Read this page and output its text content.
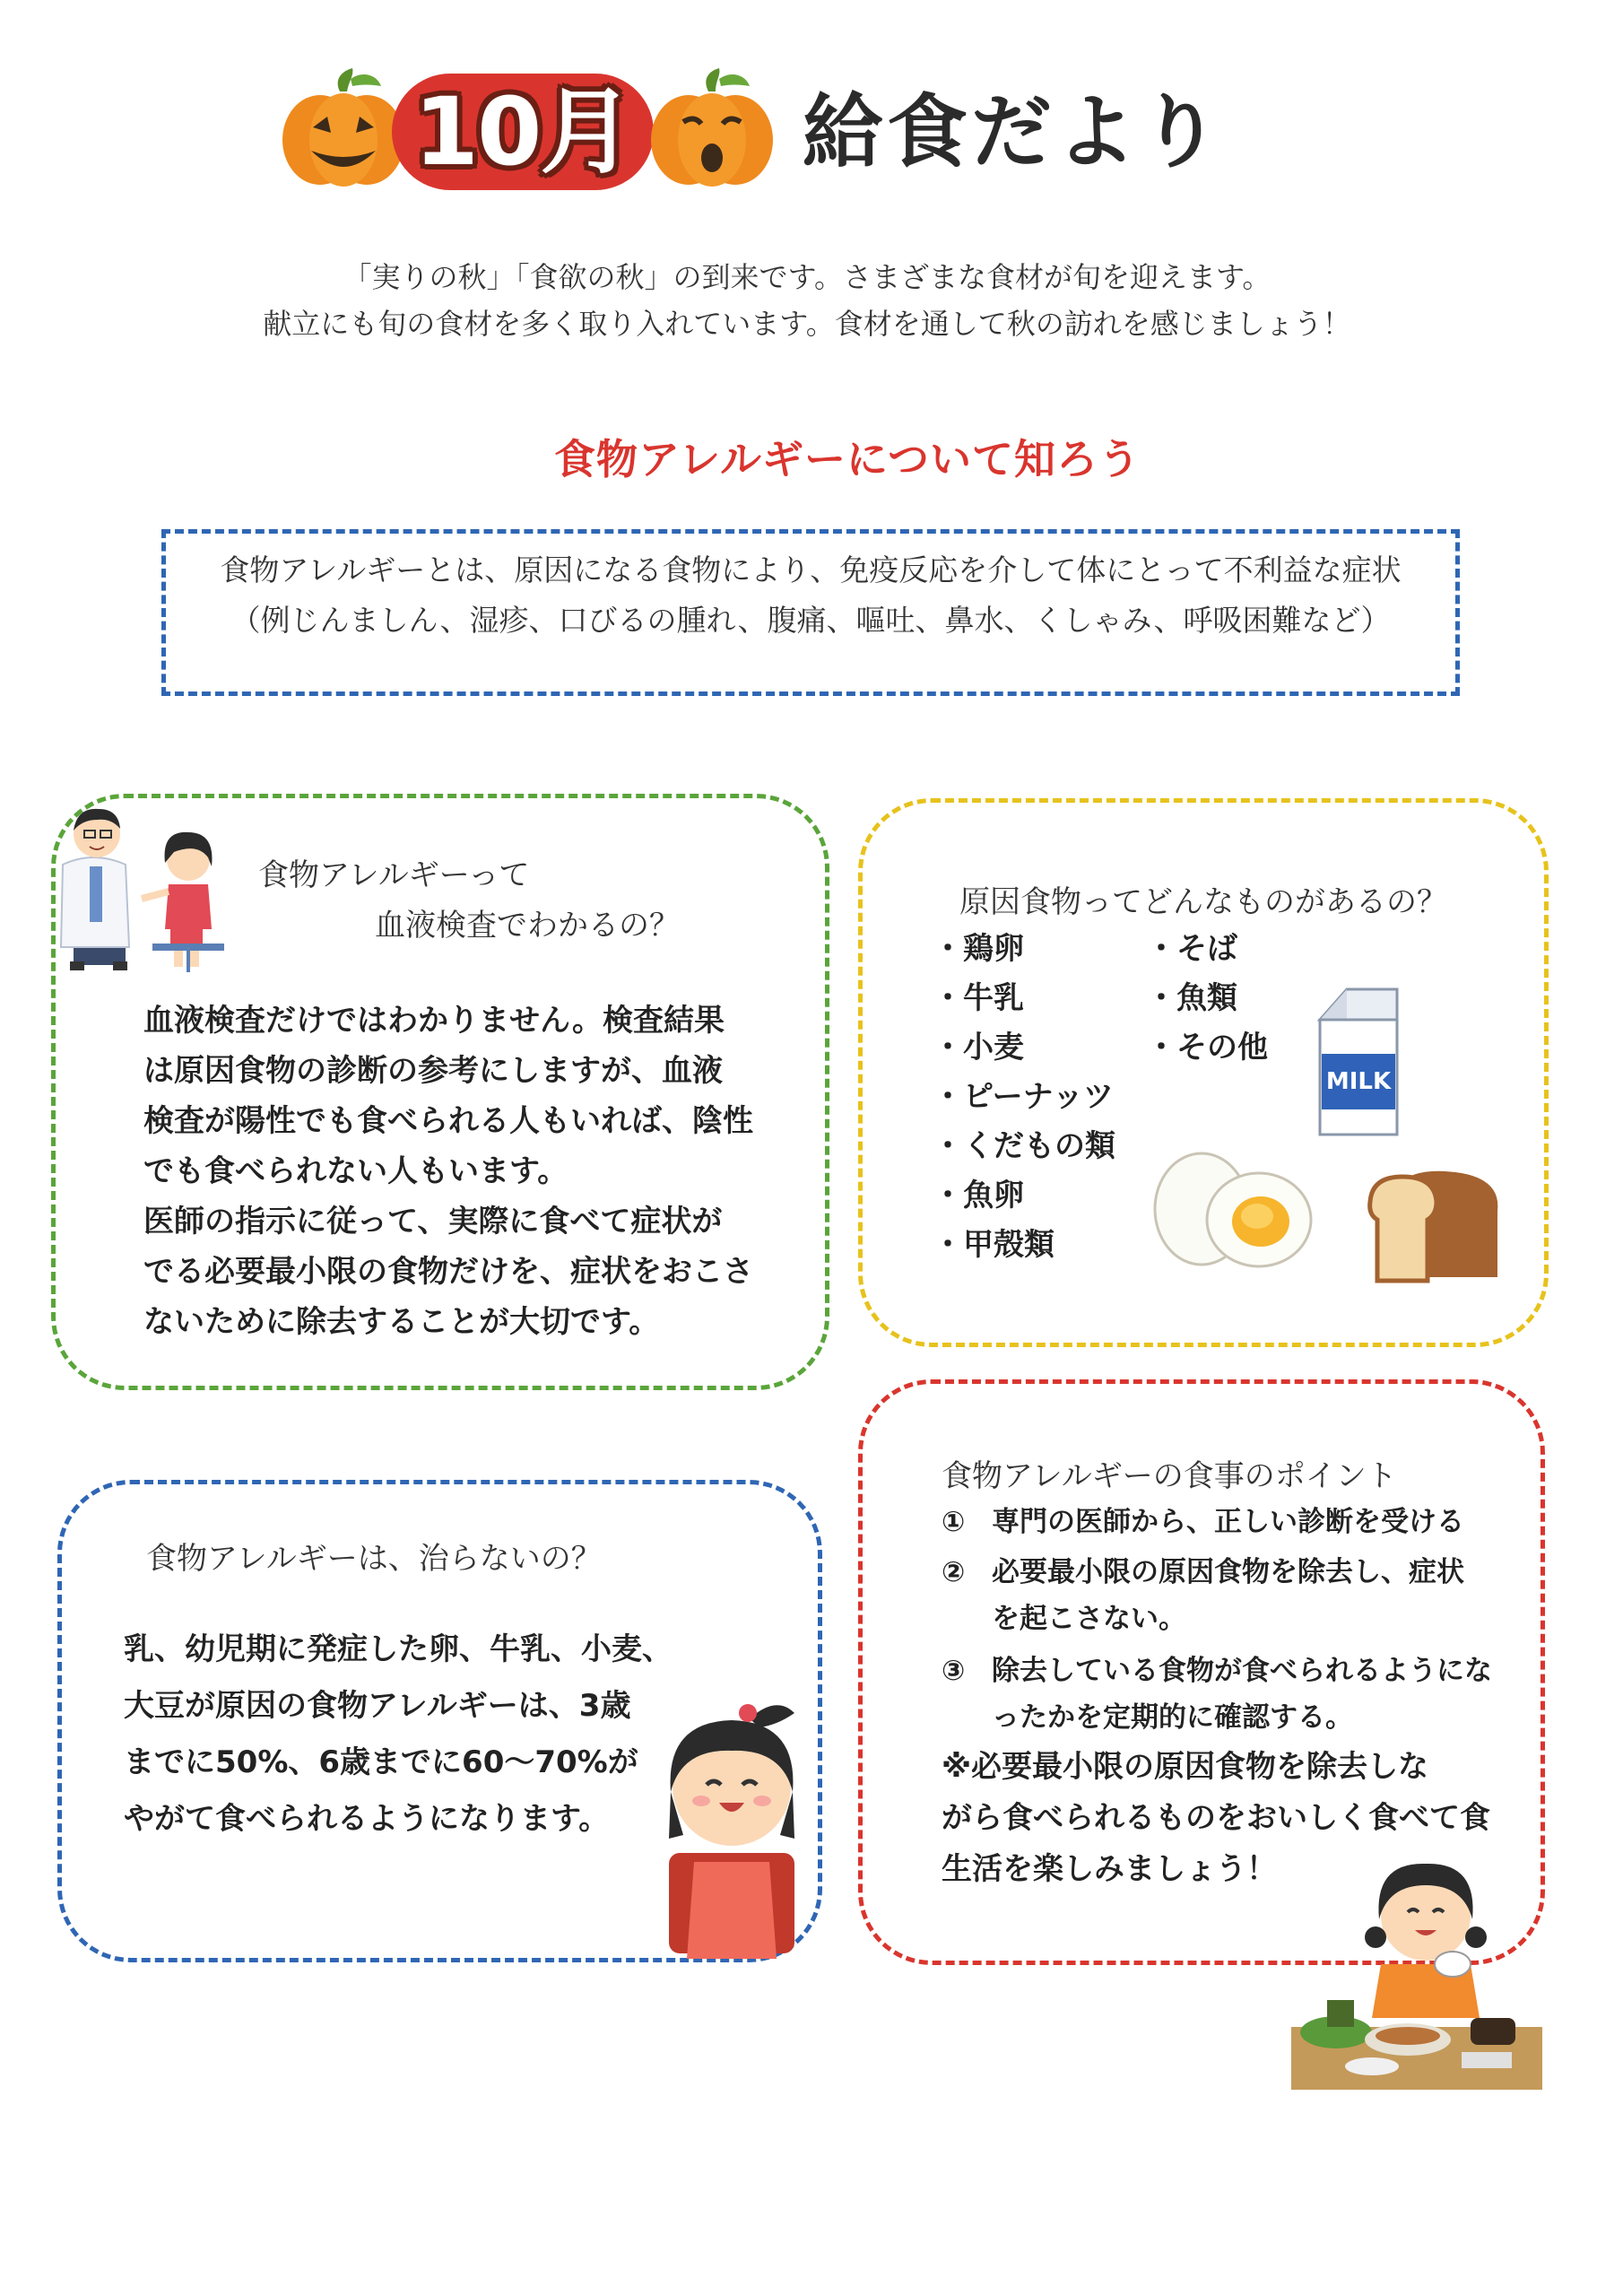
10月 給食だより
「実りの秋」「食欲の秋」の到来です。さまざまな食材が旬を迎えます。
献立にも旬の食材を多く取り入れています。食材を通して秋の訪れを感じましょう！
食物アレルギーについて知ろう
食物アレルギーとは、原因になる食物により、免疫反応を介して体にとって不利益な症状
（例じんましん、湿疹、口びるの腫れ、腹痛、嘔吐、鼻水、くしゃみ、呼吸困難など）
食物アレルギーって
血液検査でわかるの？
血液検査だけではわかりません。検査結果
は原因食物の診断の参考にしますが、血液
検査が陽性でも食べられる人もいれば、陰性
でも食べられない人もいます。
医師の指示に従って、実際に食べて症状が
でる必要最小限の食物だけを、症状をおこさ
ないために除去することが大切です。
原因食物ってどんなものがあるの？
・鶏卵
・牛乳
・小麦
・ピーナッツ
・くだもの類
・魚卵
・甲殻類
・そば
・魚類
・その他
MILK
食物アレルギーは、治らないの？
乳、幼児期に発症した卵、牛乳、小麦、
大豆が原因の食物アレルギーは、3歳
までに50%、6歳までに60～70%が
やがて食べられるようになります。
食物アレルギーの食事のポイント
① 専門の医師から、正しい診断を受ける
② 必要最小限の原因食物を除去し、症状
を起こさない。
③ 除去している食物が食べられるようにな
ったかを定期的に確認する。
※必要最小限の原因食物を除去しな
がら食べられるものをおいしく食べて食
生活を楽しみましょう！
